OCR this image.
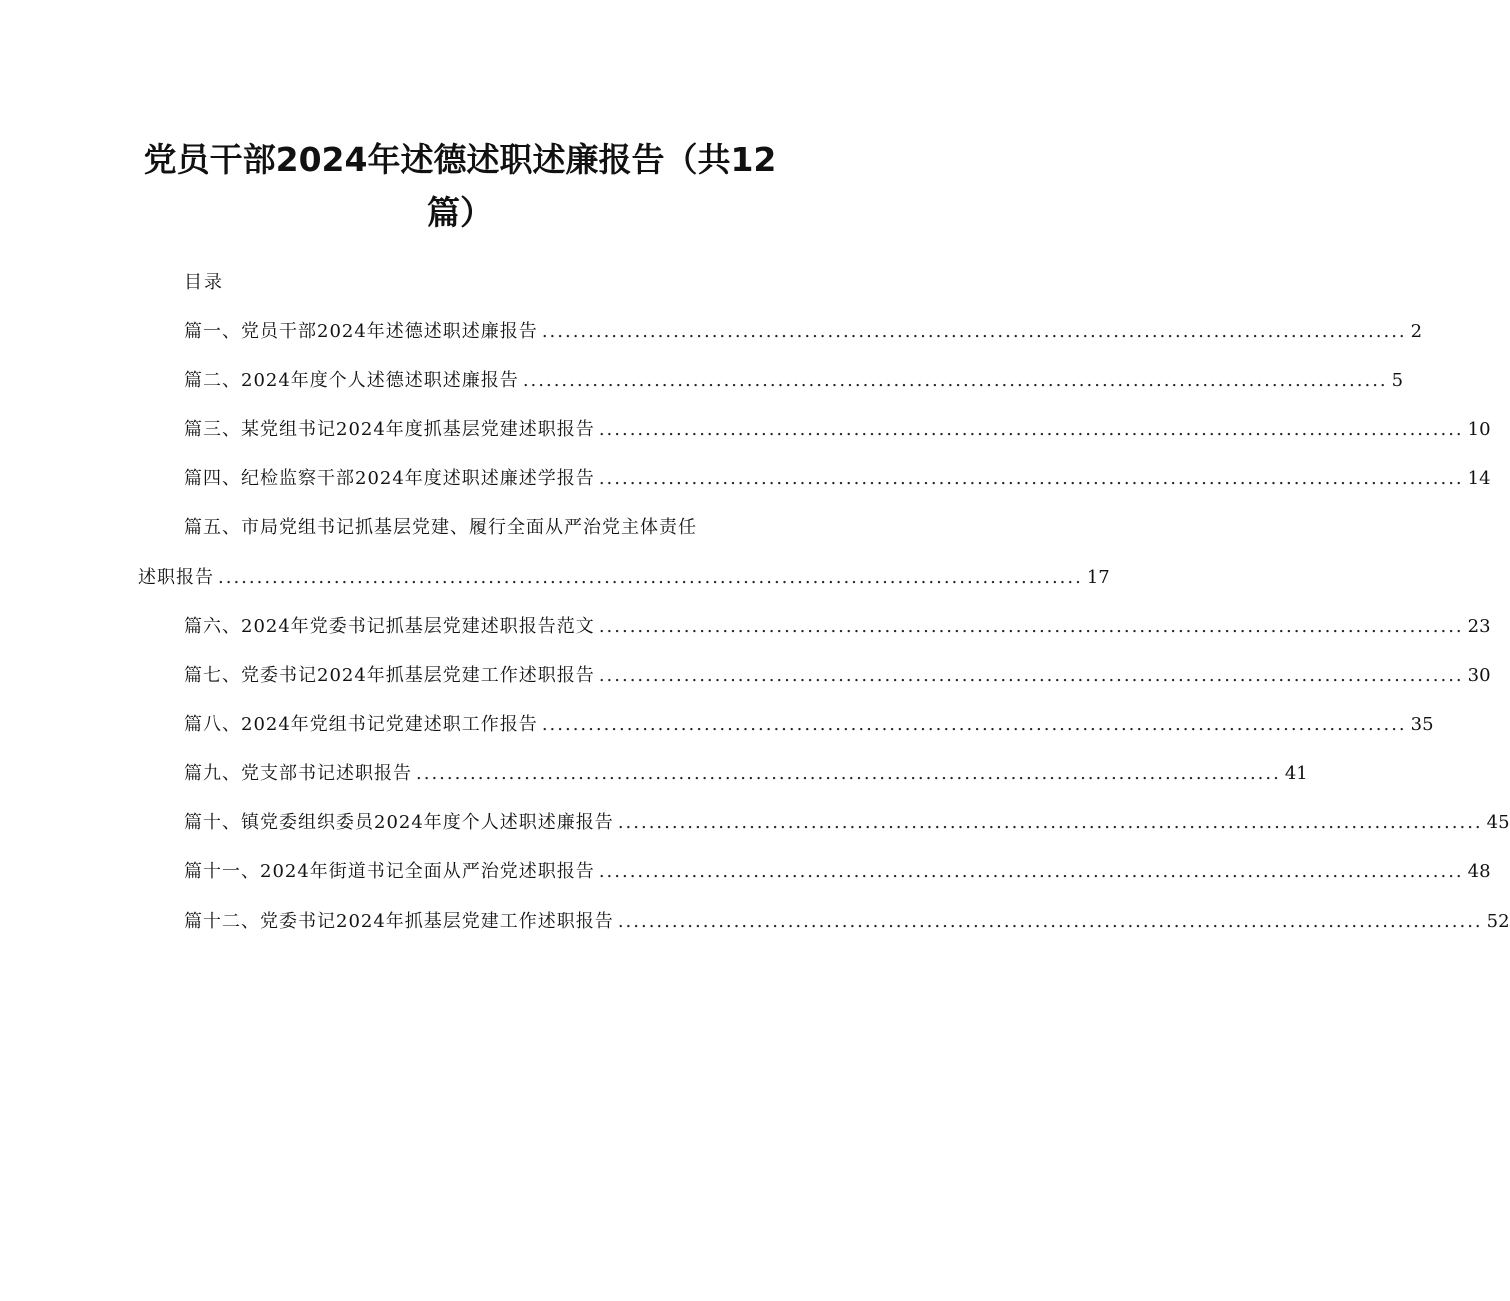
党员干部2024年述德述职述廉报告（共12
篇）
目录
篇一、党员干部2024年述德述职述廉报告 ................................................................................................................ 2
篇二、2024年度个人述德述职述廉报告 ................................................................................................................ 5
篇三、某党组书记2024年度抓基层党建述职报告 ................................................................................................................ 10
篇四、纪检监察干部2024年度述职述廉述学报告 ................................................................................................................ 14
篇五、市局党组书记抓基层党建、履行全面从严治党主体责任
述职报告 ................................................................................................................ 17
篇六、2024年党委书记抓基层党建述职报告范文 ................................................................................................................ 23
篇七、党委书记2024年抓基层党建工作述职报告 ................................................................................................................ 30
篇八、2024年党组书记党建述职工作报告 ................................................................................................................ 35
篇九、党支部书记述职报告 ................................................................................................................ 41
篇十、镇党委组织委员2024年度个人述职述廉报告 ................................................................................................................ 45
篇十一、2024年街道书记全面从严治党述职报告 ................................................................................................................ 48
篇十二、党委书记2024年抓基层党建工作述职报告 ................................................................................................................ 52
